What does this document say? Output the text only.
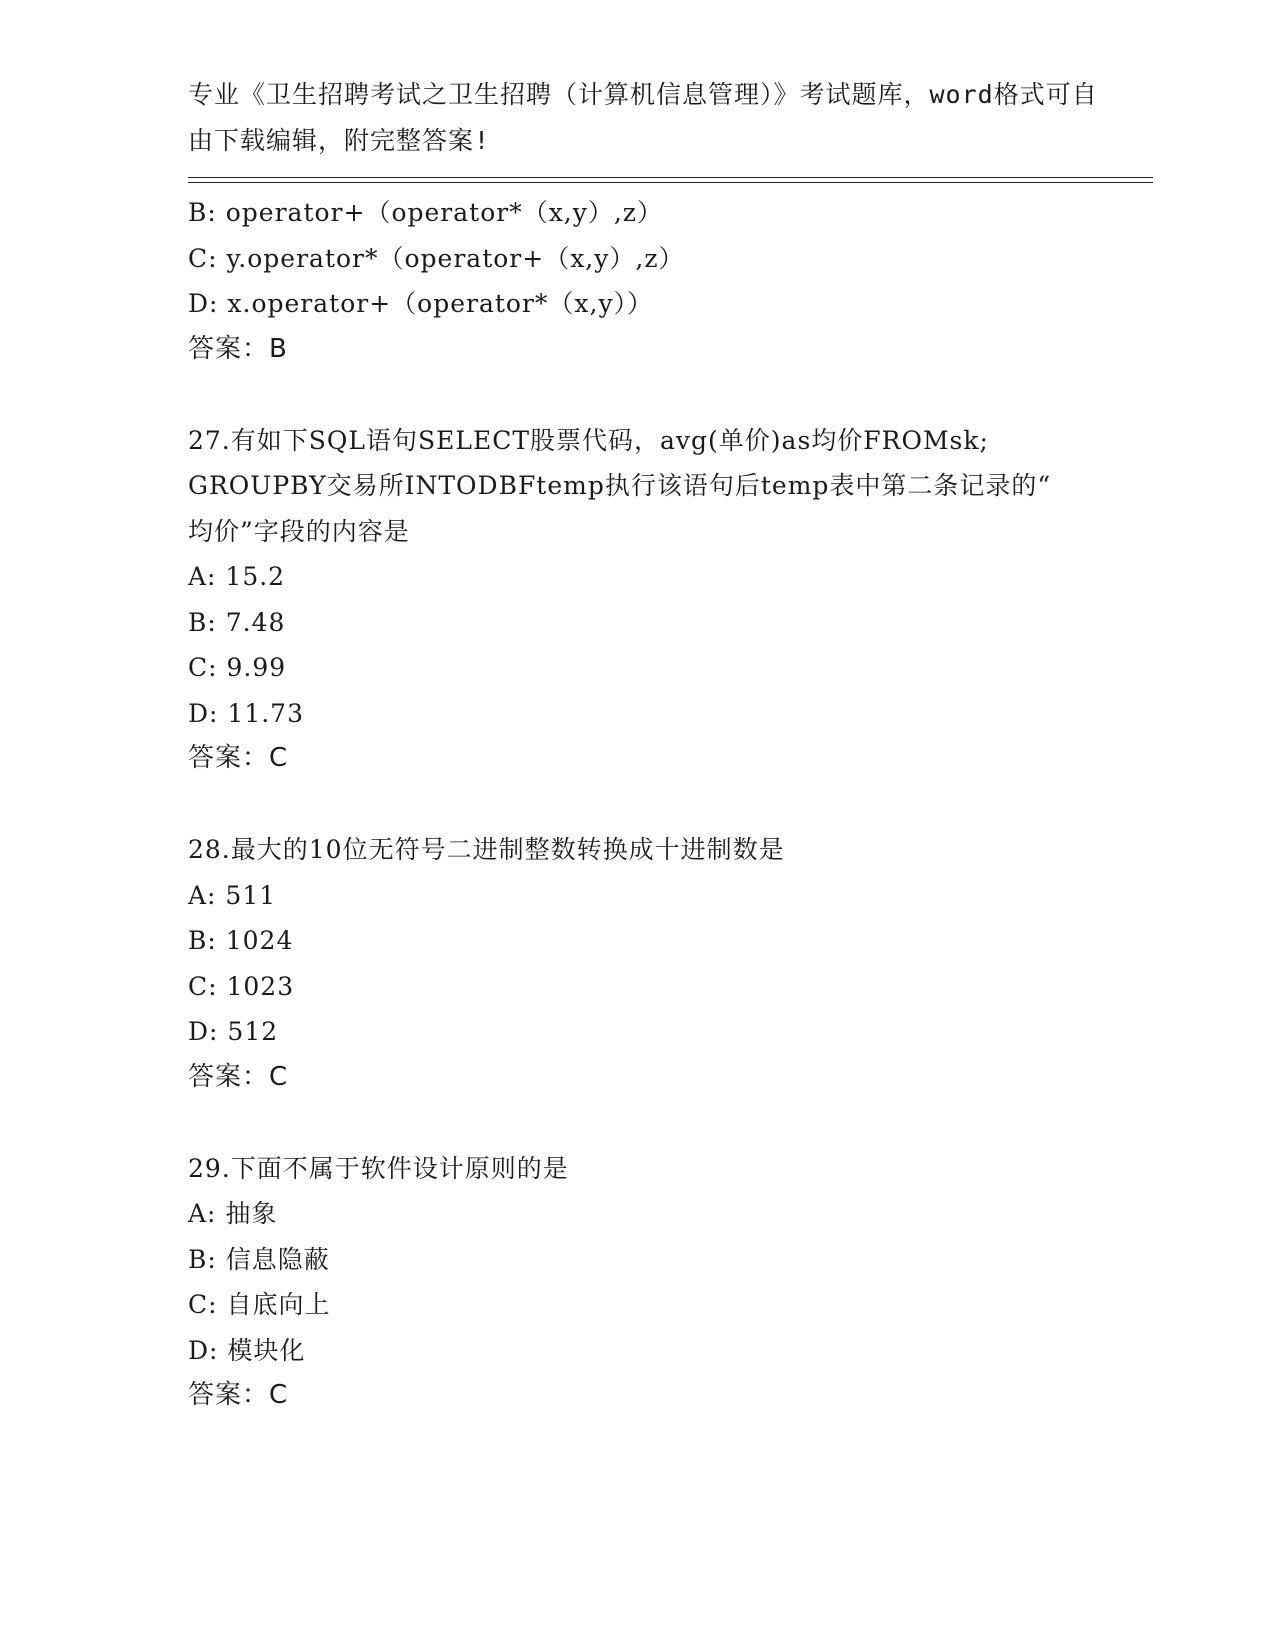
专业《卫生招聘考试之卫生招聘（计算机信息管理）》考试题库，word格式可自
由下载编辑，附完整答案!
B: operator+（operator*（x,y）,z）
C: y.operator*（operator+（x,y）,z）
D: x.operator+（operator*（x,y））
答案：B
27.有如下SQL语句SELECT股票代码，avg(单价)as均价FROMsk;
GROUPBY交易所INTODBFtemp执行该语句后temp表中第二条记录的“
均价”字段的内容是
A: 15.2
B: 7.48
C: 9.99
D: 11.73
答案：C
28.最大的10位无符号二进制整数转换成十进制数是
A: 511
B: 1024
C: 1023
D: 512
答案：C
29.下面不属于软件设计原则的是
A: 抽象
B: 信息隐蔽
C: 自底向上
D: 模块化
答案：C
